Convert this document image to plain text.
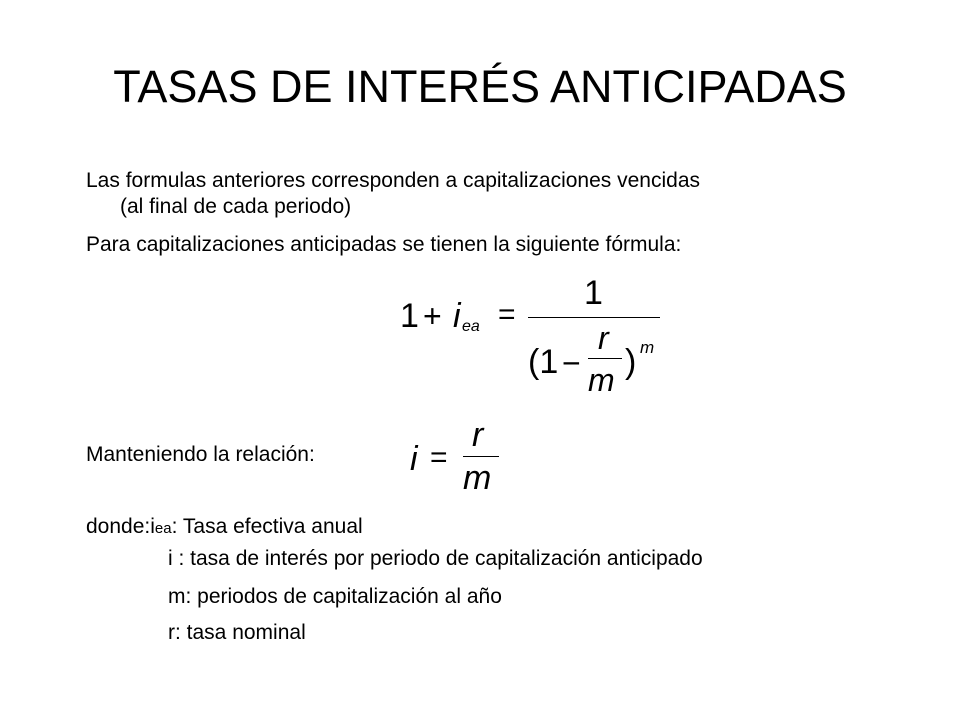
TASAS DE INTERÉS ANTICIPADAS
Las formulas anteriores corresponden a capitalizaciones vencidas
(al final de cada periodo)
Para capitalizaciones anticipadas se tienen la siguiente fórmula:
1 + i ea =
1
(1 −
r
m ) m
Manteniendo la relación:	i =
r
m
donde:iea: Tasa efectiva anual
i : tasa de interés por periodo de capitalización anticipado
m: periodos de capitalización al año
r: tasa nominal
